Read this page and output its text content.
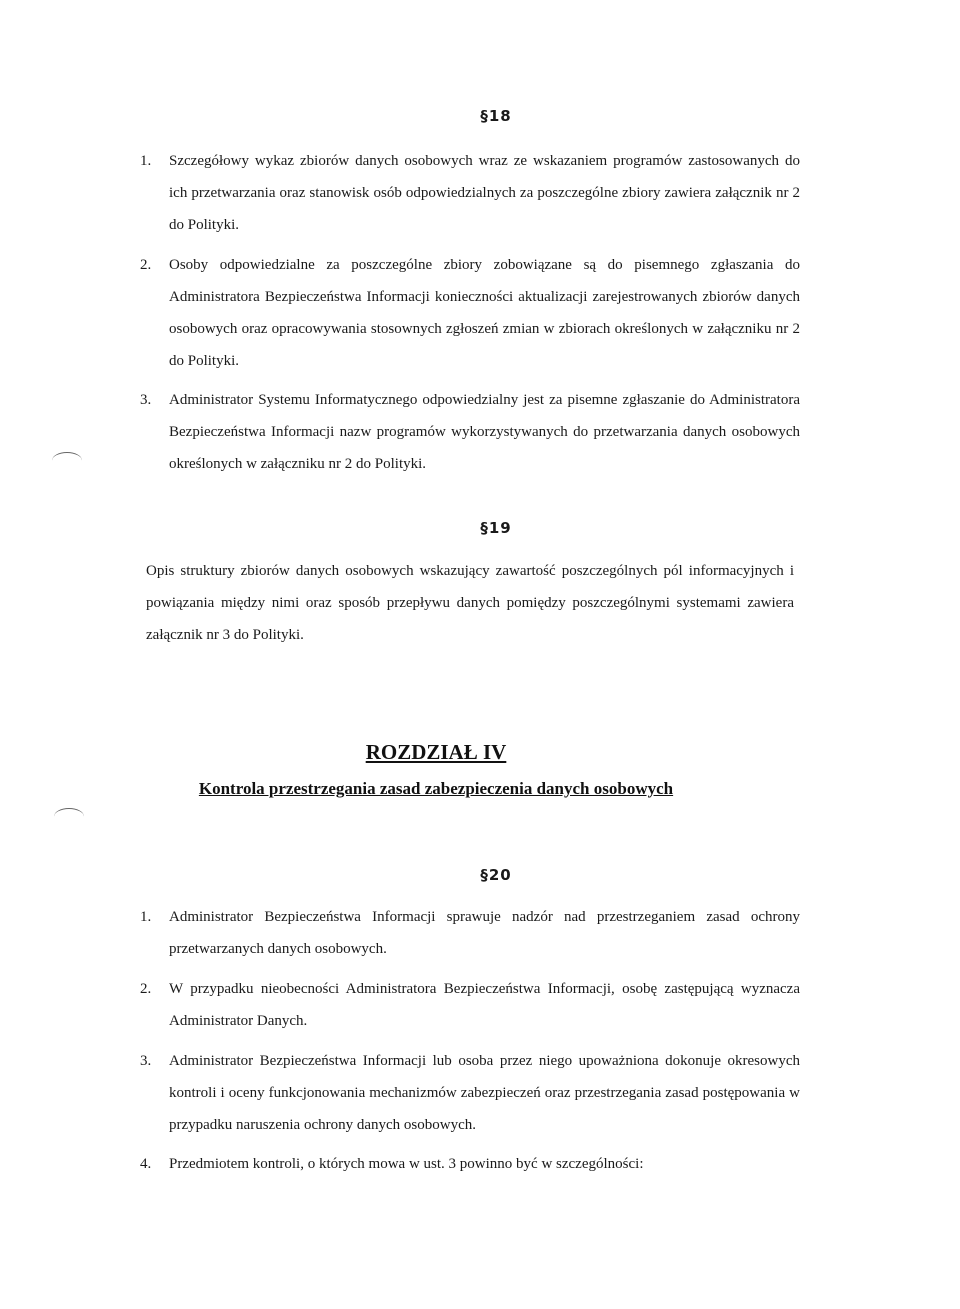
§18
1.	Szczegółowy wykaz zbiorów danych osobowych wraz ze wskazaniem programów zastosowanych do ich przetwarzania oraz stanowisk osób odpowiedzialnych za poszczególne zbiory zawiera załącznik nr 2 do Polityki.
2.	Osoby odpowiedzialne za poszczególne zbiory zobowiązane są do pisemnego zgłaszania do Administratora Bezpieczeństwa Informacji konieczności aktualizacji zarejestrowanych zbiorów danych osobowych oraz opracowywania stosownych zgłoszeń zmian w zbiorach określonych w załączniku nr 2 do Polityki.
3.	Administrator Systemu Informatycznego odpowiedzialny jest za pisemne zgłaszanie do Administratora Bezpieczeństwa Informacji nazw programów wykorzystywanych do przetwarzania danych osobowych określonych w załączniku nr 2 do Polityki.
§19
Opis struktury zbiorów danych osobowych wskazujący zawartość poszczególnych pól informacyjnych i powiązania między nimi oraz sposób przepływu danych pomiędzy poszczególnymi systemami zawiera załącznik nr 3 do Polityki.
ROZDZIAŁ IV
Kontrola przestrzegania zasad zabezpieczenia danych osobowych
§20
1.	Administrator Bezpieczeństwa Informacji sprawuje nadzór nad przestrzeganiem zasad ochrony przetwarzanych danych osobowych.
2.	W przypadku nieobecności Administratora Bezpieczeństwa Informacji, osobę zastępującą wyznacza Administrator Danych.
3.	Administrator Bezpieczeństwa Informacji lub osoba przez niego upoważniona dokonuje okresowych kontroli i oceny funkcjonowania mechanizmów zabezpieczeń oraz przestrzegania zasad postępowania w przypadku naruszenia ochrony danych osobowych.
4.	Przedmiotem kontroli, o których mowa w ust. 3 powinno być w szczególności:
